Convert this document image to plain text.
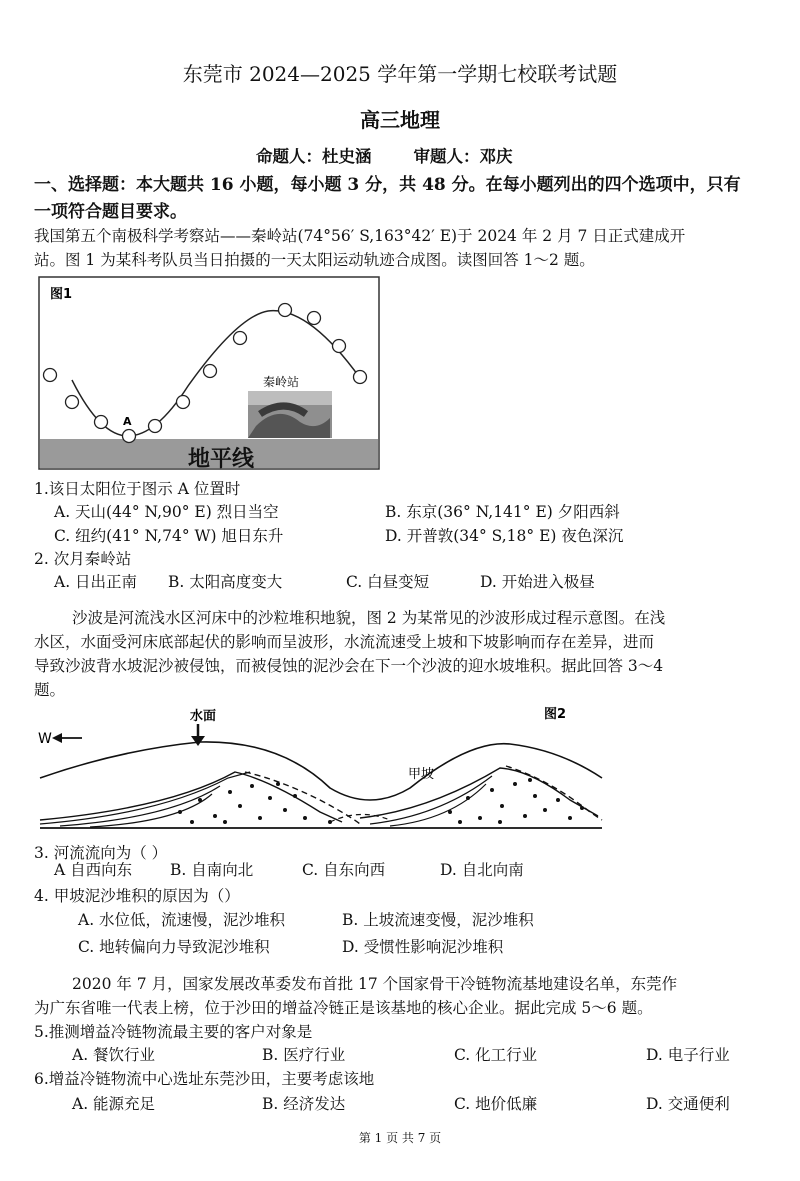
东莞市 2024—2025 学年第一学期七校联考试题
高三地理
命题人：杜史涵	审题人：邓庆
一、选择题：本大题共 16 小题，每小题 3 分，共 48 分。在每小题列出的四个选项中，只有
一项符合题目要求。
我国第五个南极科学考察站——秦岭站(74°56′ S,163°42′ E)于 2024 年 2 月 7 日正式建成开
站。图 1 为某科考队员当日拍摄的一天太阳运动轨迹合成图。读图回答 1～2 题。
图1
A
秦岭站
地平线
1.该日太阳位于图示 A 位置时
A. 天山(44° N,90° E) 烈日当空	B. 东京(36° N,141° E) 夕阳西斜
C. 纽约(41° N,74° W) 旭日东升	D. 开普敦(34° S,18° E) 夜色深沉
2. 次月秦岭站
A. 日出正南 B. 太阳高度变大	C. 白昼变短	D. 开始进入极昼
沙波是河流浅水区河床中的沙粒堆积地貌，图 2 为某常见的沙波形成过程示意图。在浅
水区，水面受河床底部起伏的影响而呈波形，水流流速受上坡和下坡影响而存在差异，进而
导致沙波背水坡泥沙被侵蚀，而被侵蚀的泥沙会在下一个沙波的迎水坡堆积。据此回答 3～4
题。
水面	图2
W
甲坡
3. 河流流向为（ ）
A 自西向东 B. 自南向北	C. 自东向西	D. 自北向南
4. 甲坡泥沙堆积的原因为（）
A. 水位低，流速慢，泥沙堆积	B. 上坡流速变慢，泥沙堆积
C. 地转偏向力导致泥沙堆积	D. 受惯性影响泥沙堆积
2020 年 7 月，国家发展改革委发布首批 17 个国家骨干冷链物流基地建设名单，东莞作
为广东省唯一代表上榜，位于沙田的增益冷链正是该基地的核心企业。据此完成 5～6 题。
5.推测增益冷链物流最主要的客户对象是
A. 餐饮行业	B. 医疗行业	C. 化工行业	D. 电子行业
6.增益冷链物流中心选址东莞沙田，主要考虑该地
A. 能源充足	B. 经济发达	C. 地价低廉	D. 交通便利
第 1 页 共 7 页
